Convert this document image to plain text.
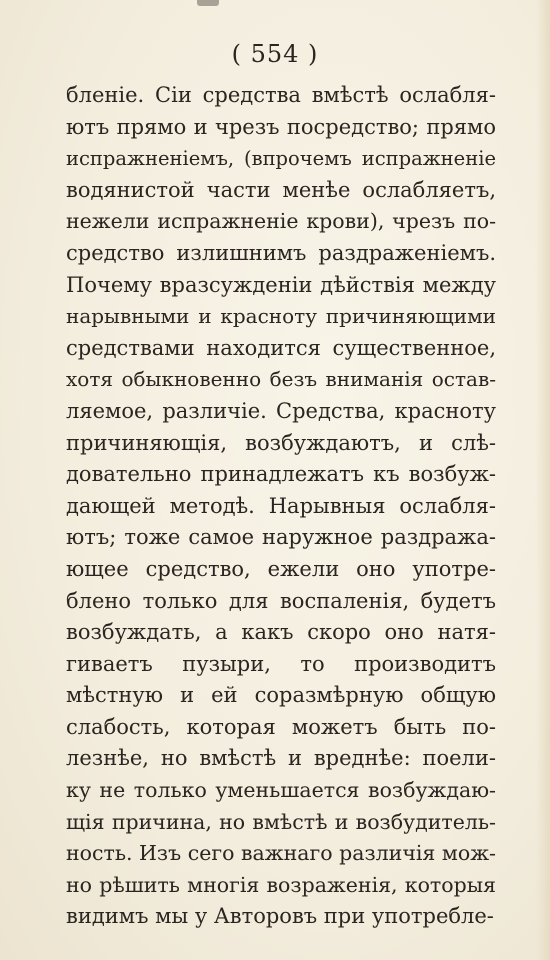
( 554 )
бленіе. Сіи средства вмѣстѣ ослабля-
ютъ прямо и чрезъ посредство; прямо
испражненіемъ, (впрочемъ испражненіе
водянистой части менѣе ослабляетъ,
нежели испражненіе крови), чрезъ по-
средство излишнимъ раздраженіемъ.
Почему вразсужденіи дѣйствія между
нарывными и красноту причиняющими
средствами находится существенное,
хотя обыкновенно безъ вниманія остав-
ляемое, различіе. Средства, красноту
причиняющія, возбуждаютъ, и слѣ-
довательно принадлежатъ къ возбуж-
дающей методѣ. Нарывныя ослабля-
ютъ; тоже самое наружное раздража-
ющее средство, ежели оно употре-
блено только для воспаленія, будетъ
возбуждать, а какъ скоро оно натя-
гиваетъ пузыри, то производитъ
мѣстную и ей соразмѣрную общую
слабость, которая можетъ быть по-
лезнѣе, но вмѣстѣ и вреднѣе: поели-
ку не только уменьшается возбуждаю-
щія причина, но вмѣстѣ и возбудитель-
ность. Изъ сего важнаго различія мож-
но рѣшить многія возраженія, которыя
видимъ мы у Авторовъ при употребле-
